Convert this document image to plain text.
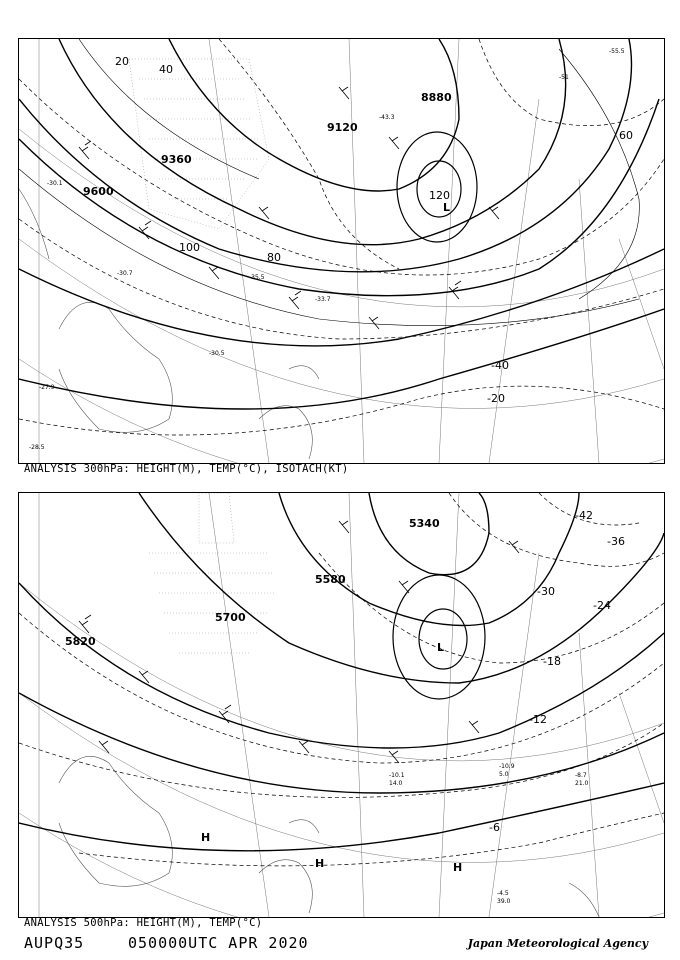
8880
9120
9360
9600
20
40
60
80
100
120
-20
-40
-30.7
-33.7
-35.5
-51
-55.5
-43.3
-30.5
-27.9
-28.5
-30.1
L
ANALYSIS 300hPa: HEIGHT(M), TEMP(°C), ISOTACH(KT)
5340
5580
5700
5820
-42
-36
-30
-24
-18
-12
-6
-10.9
5.0	-8.7
21.0
-10.1
14.0
-4.5
39.0
L
H
H	H
ANALYSIS 500hPa: HEIGHT(M), TEMP(°C)
AUPQ35	050000UTC APR 2020	Japan Meteorological Agency
